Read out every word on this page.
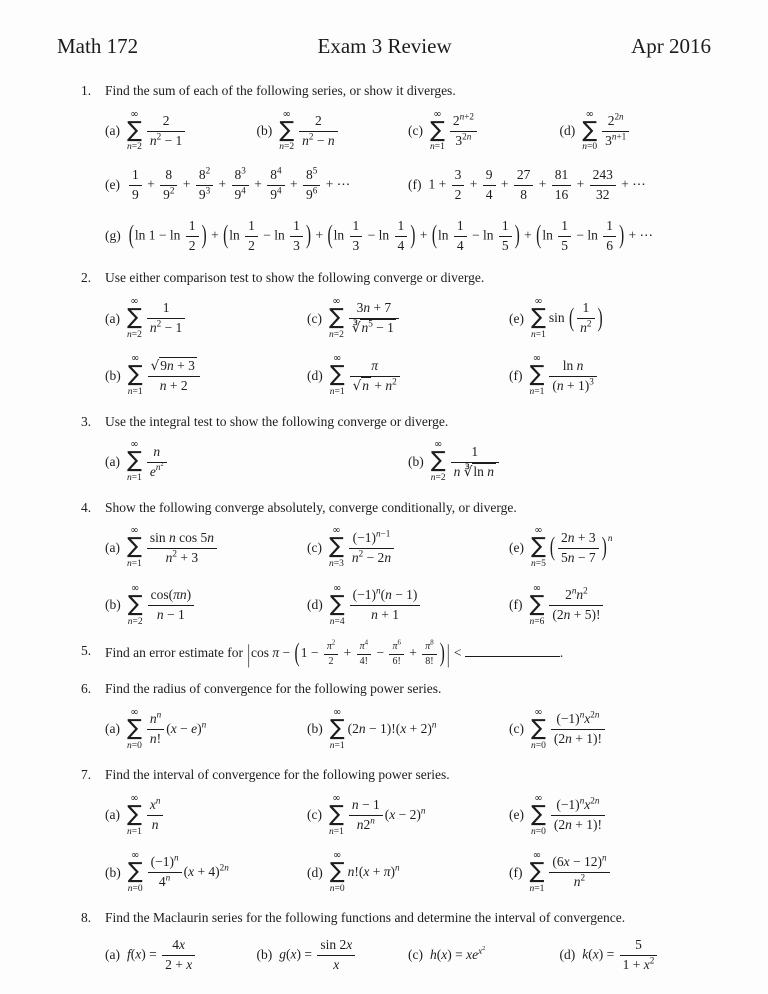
Math 172	Exam 3 Review	Apr 2016
1. Find the sum of each of the following series, or show it diverges.
(a)
∞
∑
$n=2 \frac{2}{n^2 - 1}$	(b)
∞
∑
$n=2 \frac{2}{n^2 - n}$	(c)
∞
∑
$n=1 \frac{2^{n+2}}{3^{2n}}$	(d)
∞
∑
$n=0 \frac{2^{2n}}{3^{n+1}}$
$(e) \frac{1}{9} + \frac{8}{9^2} + \frac{8^2}{9^3} + \frac{8^3}{9^4} + \frac{8^4}{9^4} + \frac{8^5}{9^6}$ + ⋯	(f) $1 + \frac{3}{2} + \frac{9}{4} + \frac{27}{8} + \frac{81}{16} + \frac{243}{32}$ + ⋯
(g) (ln $1 - \ln \frac{1}{2}$ ) + ($\ln \frac{1}{2} - \ln \frac{1}{3}$ ) + ($\ln \frac{1}{3} - \ln \frac{1}{4}$ ) + ($\ln \frac{1}{4} - \ln \frac{1}{5}$ ) + ($\ln \frac{1}{5} - \ln \frac{1}{6}$ ) + ⋯
2. Use either comparison test to show the following converge or diverge.
(a)
∞
∑
$n=2 \frac{1}{n^2 - 1}$	(c)
∞
∑
$n=2 \frac{3n + 7}{∛n^5 - 1}$	(e)
∞
∑
n=1
sin ( $\frac{1}{n^2}$ )
(b)
∞
∑
$n=1 \frac{√9n + 3}{n + 2}$	(d)
∞
∑
$n=1 \frac{\pi}{√n + n^2}$	(f)
∞
∑
$n=1 \frac{\text{ln n}}{(n + 1)^3}$
3. Use the integral test to show the following converge or diverge.
(a)
∞
∑
$n=1 \frac{n}{e^{n^2}}$	(b)
∞
∑
$n=2 \frac{1}{\text{n ∛ln n}}$
4. Show the following converge absolutely, converge conditionally, or diverge.
(a)
∞
∑
$n=1 \frac{\text{sin n cos 5n}}{n^2 + 3}$	(c)
∞
∑
$n=3 \frac{(-1)^{n-1}}{n^2 - 2n}$	(e)
∞
∑
n=5
( $\frac{2n + 3}{5n - 7} )^n$
(b)
∞
∑
$n=2 \frac{\cos(\pi n)}{n - 1}$	(d)
∞
∑
$n=4 \frac{(-1)^n(n - 1)}{n + 1}$	(f)
∞
∑
$n=6 \frac{2^nn^2}{(2n + 5)!}$
5. Find an error estimate for |cos $\pi - (1 - \frac{\pi^2}{2} + \frac{\pi^4}{4!} - \frac{\pi^6}{6!} + \frac{\pi^8}{8!}$ ) | <	.
6. Find the radius of convergence for the following power series.
(a)
∞
∑
$n=0 \frac{n^n}{n!} (x - e)^n$	(b)
∞
∑
n=1
$(2n - 1)!(x + 2)^n$	(c)
∞
∑
$n=0 \frac{(-1)^nx^{2n}}{(2n + 1)!}$
7. Find the interval of convergence for the following power series.
(a)
∞
∑
$n=1 \frac{x^n}{n}$	(c)
∞
∑
$n=1 \frac{n - 1}{n2^n} (x - 2)^n$	(e)
∞
∑
$n=0 \frac{(-1)^nx^{2n}}{(2n + 1)!}$
(b)
∞
∑
$n=0 \frac{(-1)^n}{4^n} (x + 4)^{2n}$	(d)
∞
∑
n=0
$n!(x + \pi)^n$	(f)
∞
∑
$n=1 \frac{(6x - 12)^n}{n^2}$
8. Find the Maclaurin series for the following functions and determine the interval of convergence.
(a) $f(x) = \frac{4x}{2 + x}$	(b) $g(x) = \frac{\sin 2x}{x}$	(c) $h(x) = xe^{x^2}$	(d) $k(x) = \frac{5}{1 + x^2}$
